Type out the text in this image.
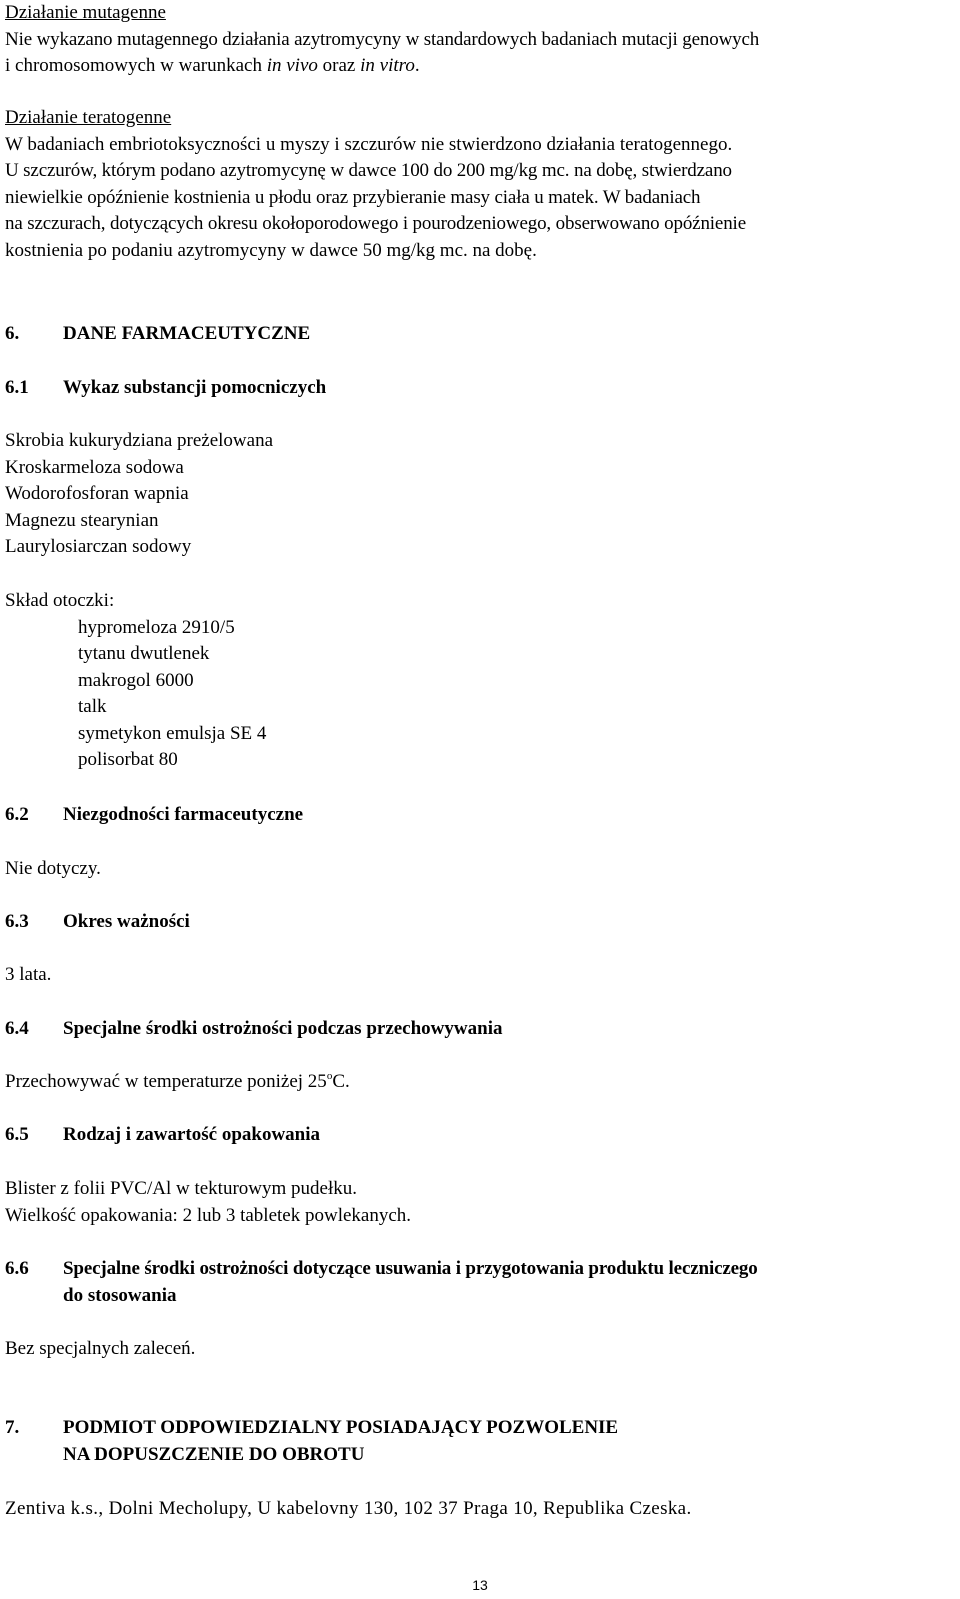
Działanie mutagenne
Nie wykazano mutagennego działania azytromycyny w standardowych badaniach mutacji genowych
i chromosomowych w warunkach in vivo oraz in vitro.
Działanie teratogenne
W badaniach embriotoksyczności u myszy i szczurów nie stwierdzono działania teratogennego.
U szczurów, którym podano azytromycynę w dawce 100 do 200 mg/kg mc. na dobę, stwierdzano
niewielkie opóźnienie kostnienia u płodu oraz przybieranie masy ciała u matek. W badaniach
na szczurach, dotyczących okresu okołoporodowego i pourodzeniowego, obserwowano opóźnienie
kostnienia po podaniu azytromycyny w dawce 50 mg/kg mc. na dobę.
6. DANE FARMACEUTYCZNE
6.1 Wykaz substancji pomocniczych
Skrobia kukurydziana preżelowana
Kroskarmeloza sodowa
Wodorofosforan wapnia
Magnezu stearynian
Laurylosiarczan sodowy
Skład otoczki:
hypromeloza 2910/5
tytanu dwutlenek
makrogol 6000
talk
symetykon emulsja SE 4
polisorbat 80
6.2 Niezgodności farmaceutyczne
Nie dotyczy.
6.3 Okres ważności
3 lata.
6.4 Specjalne środki ostrożności podczas przechowywania
Przechowywać w temperaturze poniżej 25$^o$C.
6.5 Rodzaj i zawartość opakowania
Blister z folii PVC/Al w tekturowym pudełku.
Wielkość opakowania: 2 lub 3 tabletek powlekanych.
6.6 Specjalne środki ostrożności dotyczące usuwania i przygotowania produktu leczniczego
do stosowania
Bez specjalnych zaleceń.
7. PODMIOT ODPOWIEDZIALNY POSIADAJĄCY POZWOLENIE
NA DOPUSZCZENIE DO OBROTU
Zentiva k.s., Dolni Mecholupy, U kabelovny 130, 102 37 Praga 10, Republika Czeska.
13
